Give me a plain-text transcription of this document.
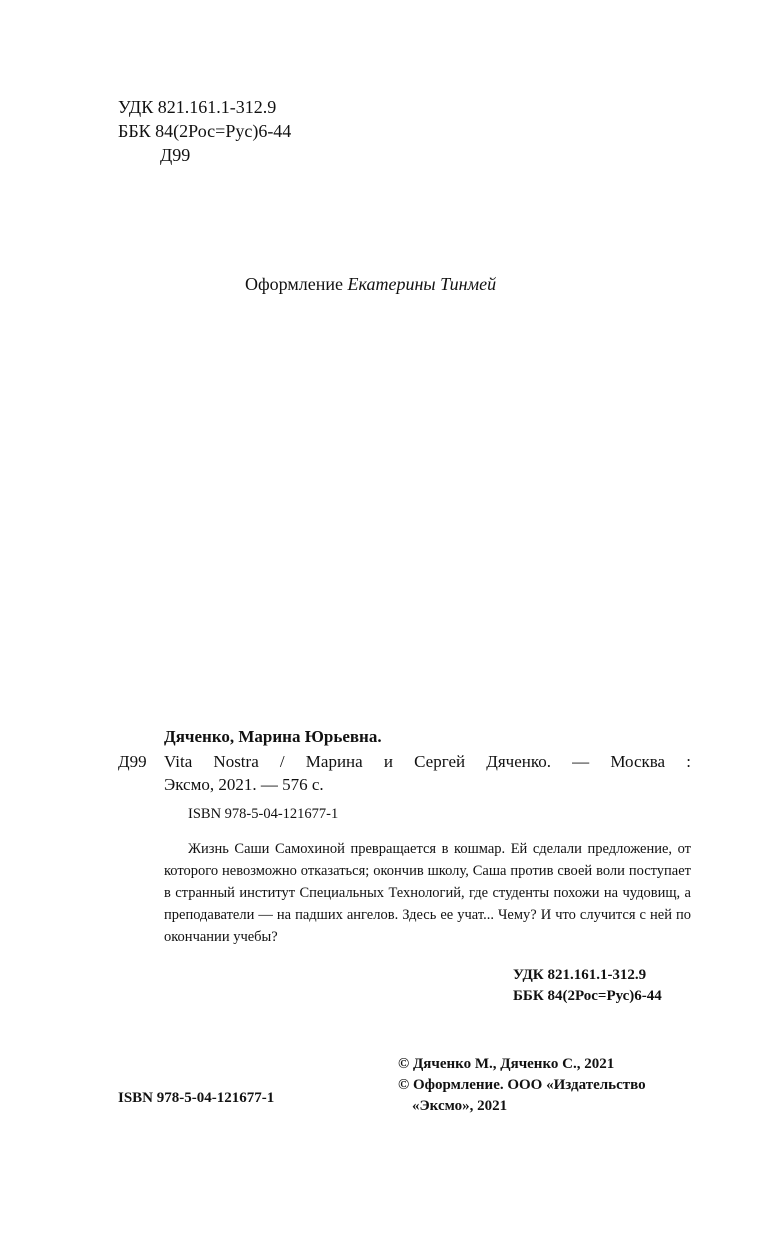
УДК 821.161.1-312.9
ББК 84(2Рос=Рус)6-44
Д99
Оформление Екатерины Тинмей
Дяченко, Марина Юрьевна.
Д99 Vita Nostra / Марина и Сергей Дяченко. — Москва :
Эксмо, 2021. — 576 с.
ISBN 978-5-04-121677-1
Жизнь Саши Самохиной превращается в кошмар. Ей сделали предложение, от которого невозможно отказаться; окончив школу, Саша против своей воли поступает в странный институт Специальных Технологий, где студенты похожи на чудовищ, а преподаватели — на падших ангелов. Здесь ее учат... Чему? И что случится с ней по окончании учебы?
УДК 821.161.1-312.9
ББК 84(2Рос=Рус)6-44
ISBN 978-5-04-121677-1
© Дяченко М., Дяченко С., 2021
© Оформление. ООО «Издательство
«Эксмо», 2021
